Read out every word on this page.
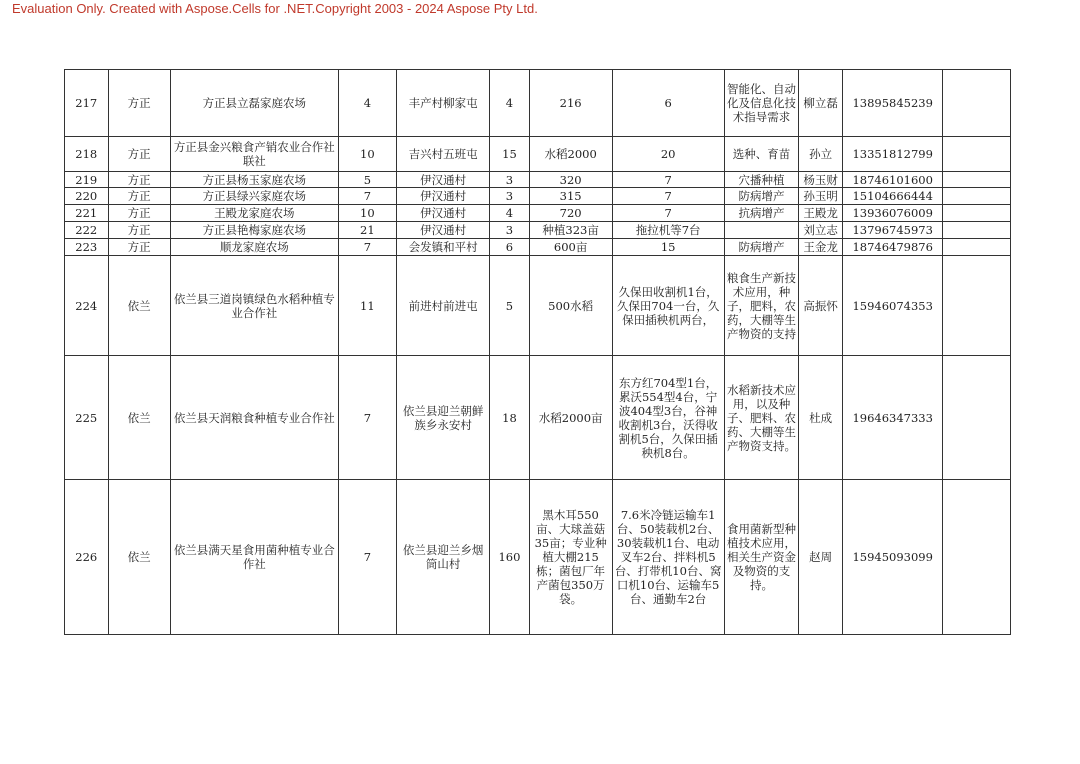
Evaluation Only. Created with Aspose.Cells for .NET.Copyright 2003 - 2024 Aspose Pty Ltd.
217	方正	方正县立磊家庭农场	4	丰产村柳家屯	4	216	6	智能化、自动化及信息化技术指导需求	柳立磊	13895845239	
218	方正	方正县金兴粮食产销农业合作社联社	10	吉兴村五班屯	15	水稻2000	20	选种、育苗	孙立	13351812799	
219	方正	方正县杨玉家庭农场	5	伊汉通村	3	320	7	穴播种植	杨玉财	18746101600	
220	方正	方正县绿兴家庭农场	7	伊汉通村	3	315	7	防病增产	孙玉明	15104666444	
221	方正	王殿龙家庭农场	10	伊汉通村	4	720	7	抗病增产	王殿龙	13936076009	
222	方正	方正县艳梅家庭农场	21	伊汉通村	3	种植323亩	拖拉机等7台		刘立志	13796745973	
223	方正	顺龙家庭农场	7	会发镇和平村	6	600亩	15	防病增产	王金龙	18746479876	
224	依兰	依兰县三道岗镇绿色水稻种植专业合作社	11	前进村前进屯	5	500水稻	久保田收割机1台，久保田704一台，久保田插秧机两台，	粮食生产新技术应用，种子，肥料，农药，大棚等生产物资的支持	高振怀	15946074353	
225	依兰	依兰县天润粮食种植专业合作社	7	依兰县迎兰朝鲜族乡永安村	18	水稻2000亩	东方红704型1台，累沃554型4台，宁波404型3台，谷神收割机3台，沃得收割机5台，久保田插秧机8台。	水稻新技术应用，以及种子、肥料、农药、大棚等生产物资支持。	杜成	19646347333	
226	依兰	依兰县满天星食用菌种植专业合作社	7	依兰县迎兰乡烟筒山村	160	黑木耳550亩、大球盖菇35亩；专业种植大棚215栋；菌包厂年产菌包350万袋。	7.6米冷链运输车1台、50装载机2台、30装载机1台、电动叉车2台、拌料机5台、打带机10台、窝口机10台、运输车5台、通勤车2台	食用菌新型种植技术应用，相关生产资金及物资的支持。	赵周	15945093099	
